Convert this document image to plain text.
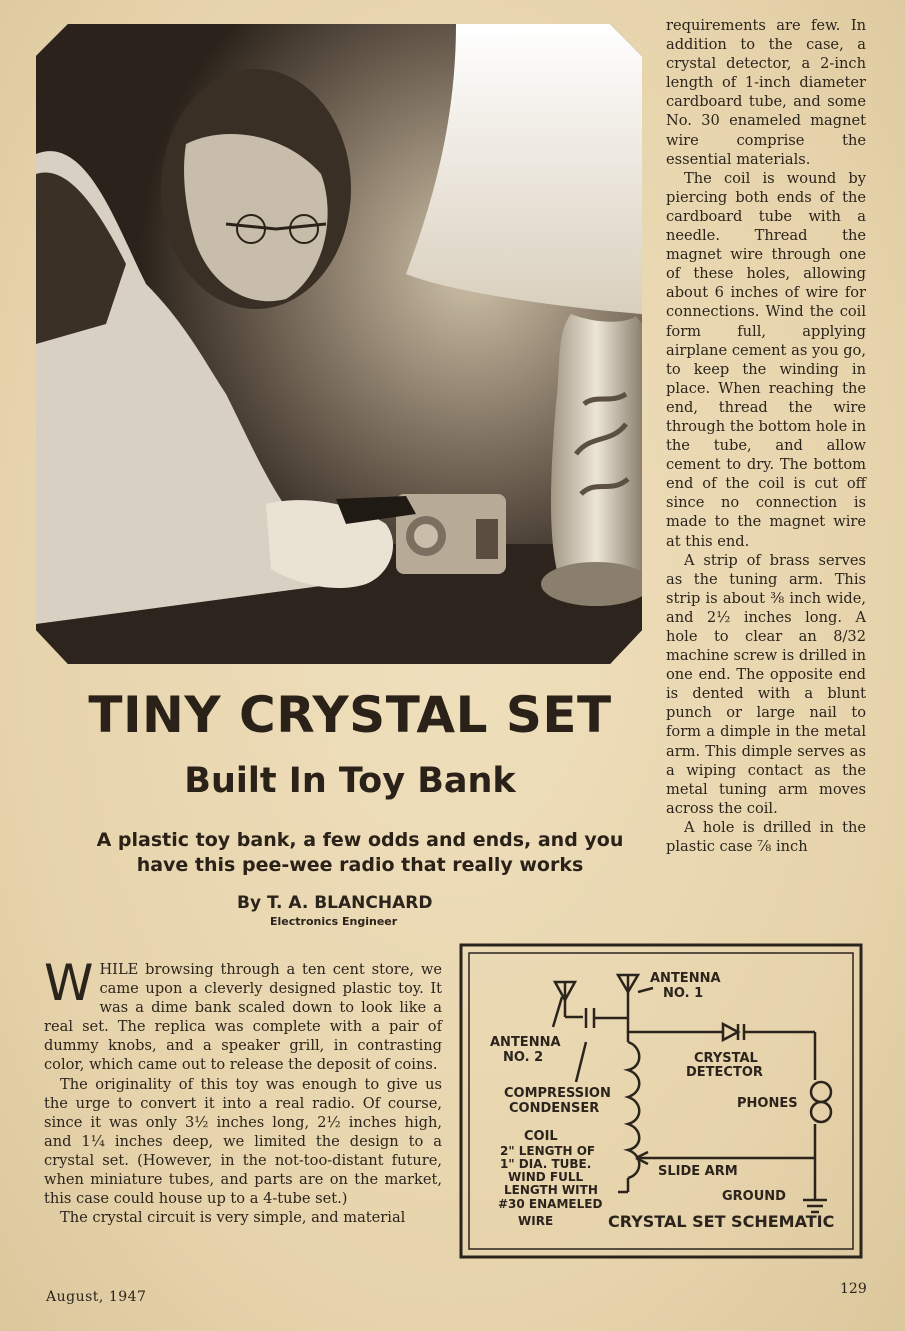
requirements are few. In addition to the case, a crystal detector, a 2-inch length of 1-inch diameter cardboard tube, and some No. 30 enameled magnet wire comprise the essential materials.

The coil is wound by piercing both ends of the cardboard tube with a needle. Thread the magnet wire through one of these holes, allowing about 6 inches of wire for connections. Wind the coil form full, applying airplane cement as you go, to keep the winding in place. When reaching the end, thread the wire through the bottom hole in the tube, and allow cement to dry. The bottom end of the coil is cut off since no connection is made to the magnet wire at this end.

A strip of brass serves as the tuning arm. This strip is about ⅜ inch wide, and 2½ inches long. A hole to clear an 8/32 machine screw is drilled in one end. The opposite end is dented with a blunt punch or large nail to form a dimple in the metal arm. This dimple serves as a wiping contact as the metal tuning arm moves across the coil.

A hole is drilled in the plastic case ⅞ inch

TINY CRYSTAL SET
Built In Toy Bank
A plastic toy bank, a few odds and ends, and you
have this pee-wee radio that really works
By T. A. BLANCHARD
Electronics Engineer

WHILE browsing through a ten cent store, we came upon a cleverly designed plastic toy. It was a dime bank scaled down to look like a real set. The replica was complete with a pair of dummy knobs, and a speaker grill, in contrasting color, which came out to release the deposit of coins.

The originality of this toy was enough to give us the urge to convert it into a real radio. Of course, since it was only 3½ inches long, 2½ inches high, and 1¼ inches deep, we limited the design to a crystal set. (However, in the not-too-distant future, when miniature tubes, and parts are on the market, this case could house up to a 4-tube set.)

The crystal circuit is very simple, and material

ANTENNA
NO. 1
ANTENNA
NO. 2
COMPRESSION
CONDENSER
CRYSTAL
DETECTOR
PHONES
COIL
2" LENGTH OF
1" DIA. TUBE.
WIND FULL
LENGTH WITH
#30 ENAMELED
WIRE
SLIDE ARM
GROUND
CRYSTAL SET SCHEMATIC
August, 1947	129
